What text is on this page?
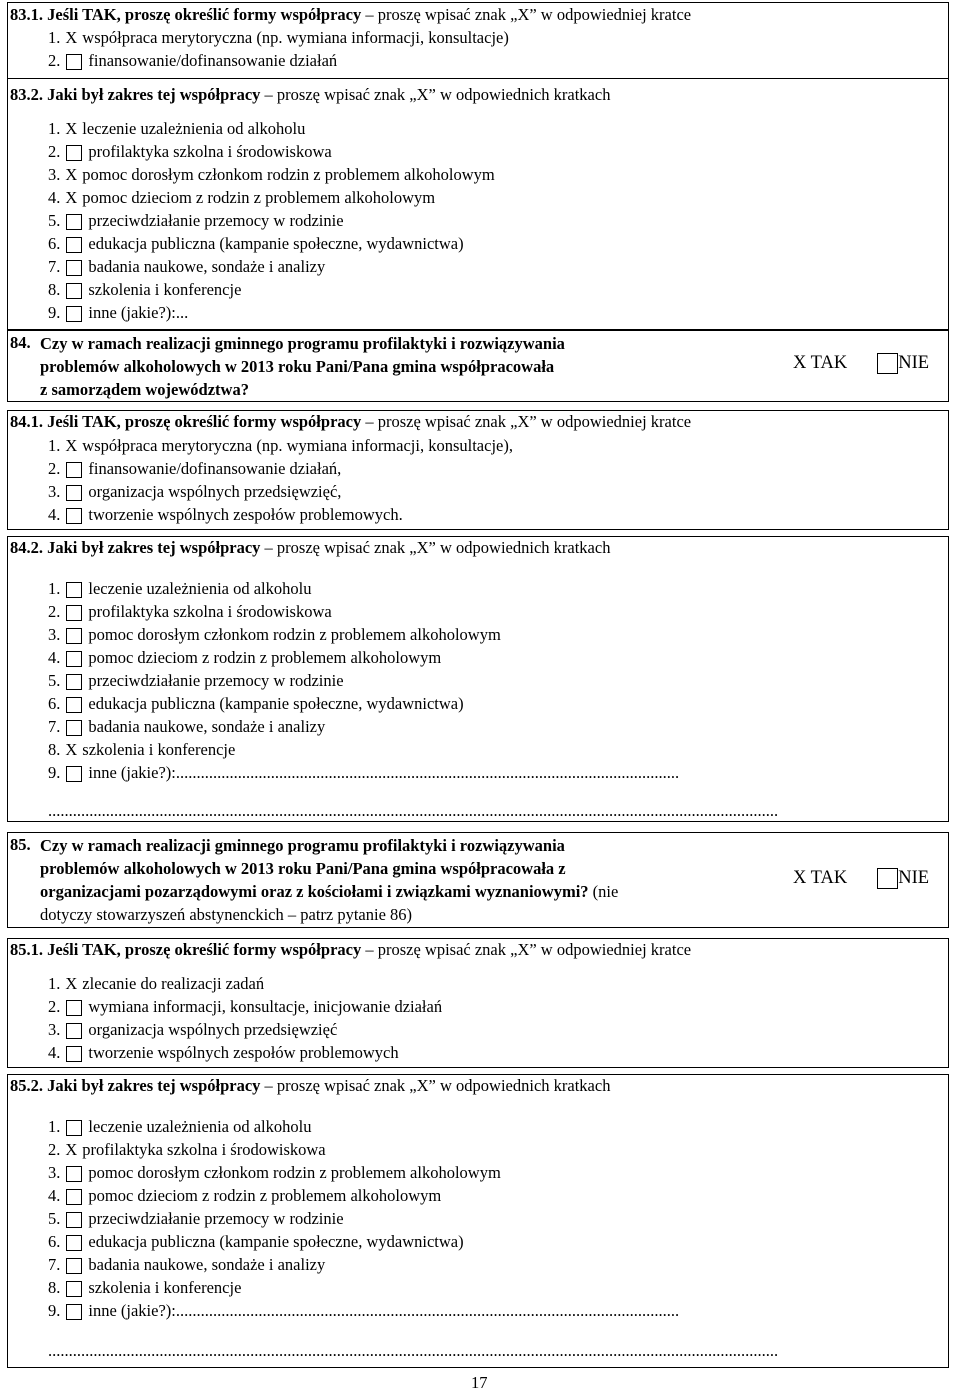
83.1. Jeśli TAK, proszę określić formy współpracy – proszę wpisać znak „X” w odpowiedniej kratce
1. X współpraca merytoryczna (np. wymiana informacji, konsultacje)
2. finansowanie/dofinansowanie działań
83.2. Jaki był zakres tej współpracy – proszę wpisać znak „X” w odpowiednich kratkach
1. X leczenie uzależnienia od alkoholu
2. profilaktyka szkolna i środowiskowa
3. X pomoc dorosłym członkom rodzin z problemem alkoholowym
4. X pomoc dzieciom z rodzin z problemem alkoholowym
5. przeciwdziałanie przemocy w rodzinie
6. edukacja publiczna (kampanie społeczne, wydawnictwa)
7. badania naukowe, sondaże i analizy
8. szkolenia i konferencje
9. inne (jakie?):...
84. Czy w ramach realizacji gminnego programu profilaktyki i rozwiązywania
problemów alkoholowych w 2013 roku Pani/Pana gmina współpracowała
z samorządem województwa?
X TAK	NIE
84.1. Jeśli TAK, proszę określić formy współpracy – proszę wpisać znak „X” w odpowiedniej kratce
1. X współpraca merytoryczna (np. wymiana informacji, konsultacje),
2. finansowanie/dofinansowanie działań,
3. organizacja wspólnych przedsięwzięć,
4. tworzenie wspólnych zespołów problemowych.
84.2. Jaki był zakres tej współpracy – proszę wpisać znak „X” w odpowiednich kratkach
1. leczenie uzależnienia od alkoholu
2. profilaktyka szkolna i środowiskowa
3. pomoc dorosłym członkom rodzin z problemem alkoholowym
4. pomoc dzieciom z rodzin z problemem alkoholowym
5. przeciwdziałanie przemocy w rodzinie
6. edukacja publiczna (kampanie społeczne, wydawnictwa)
7. badania naukowe, sondaże i analizy
8. X szkolenia i konferencje
9. inne (jakie?):..........................................................................................................................
.................................................................................................................................................................................
85. Czy w ramach realizacji gminnego programu profilaktyki i rozwiązywania
problemów alkoholowych w 2013 roku Pani/Pana gmina współpracowała z
organizacjami pozarządowymi oraz z kościołami i związkami wyznaniowymi? (nie
dotyczy stowarzyszeń abstynenckich – patrz pytanie 86)
X TAK	NIE
85.1. Jeśli TAK, proszę określić formy współpracy – proszę wpisać znak „X” w odpowiedniej kratce
1. X zlecanie do realizacji zadań
2. wymiana informacji, konsultacje, inicjowanie działań
3. organizacja wspólnych przedsięwzięć
4. tworzenie wspólnych zespołów problemowych
85.2. Jaki był zakres tej współpracy – proszę wpisać znak „X” w odpowiednich kratkach
1. leczenie uzależnienia od alkoholu
2. X profilaktyka szkolna i środowiskowa
3. pomoc dorosłym członkom rodzin z problemem alkoholowym
4. pomoc dzieciom z rodzin z problemem alkoholowym
5. przeciwdziałanie przemocy w rodzinie
6. edukacja publiczna (kampanie społeczne, wydawnictwa)
7. badania naukowe, sondaże i analizy
8. szkolenia i konferencje
9. inne (jakie?):..........................................................................................................................
.................................................................................................................................................................................
17
